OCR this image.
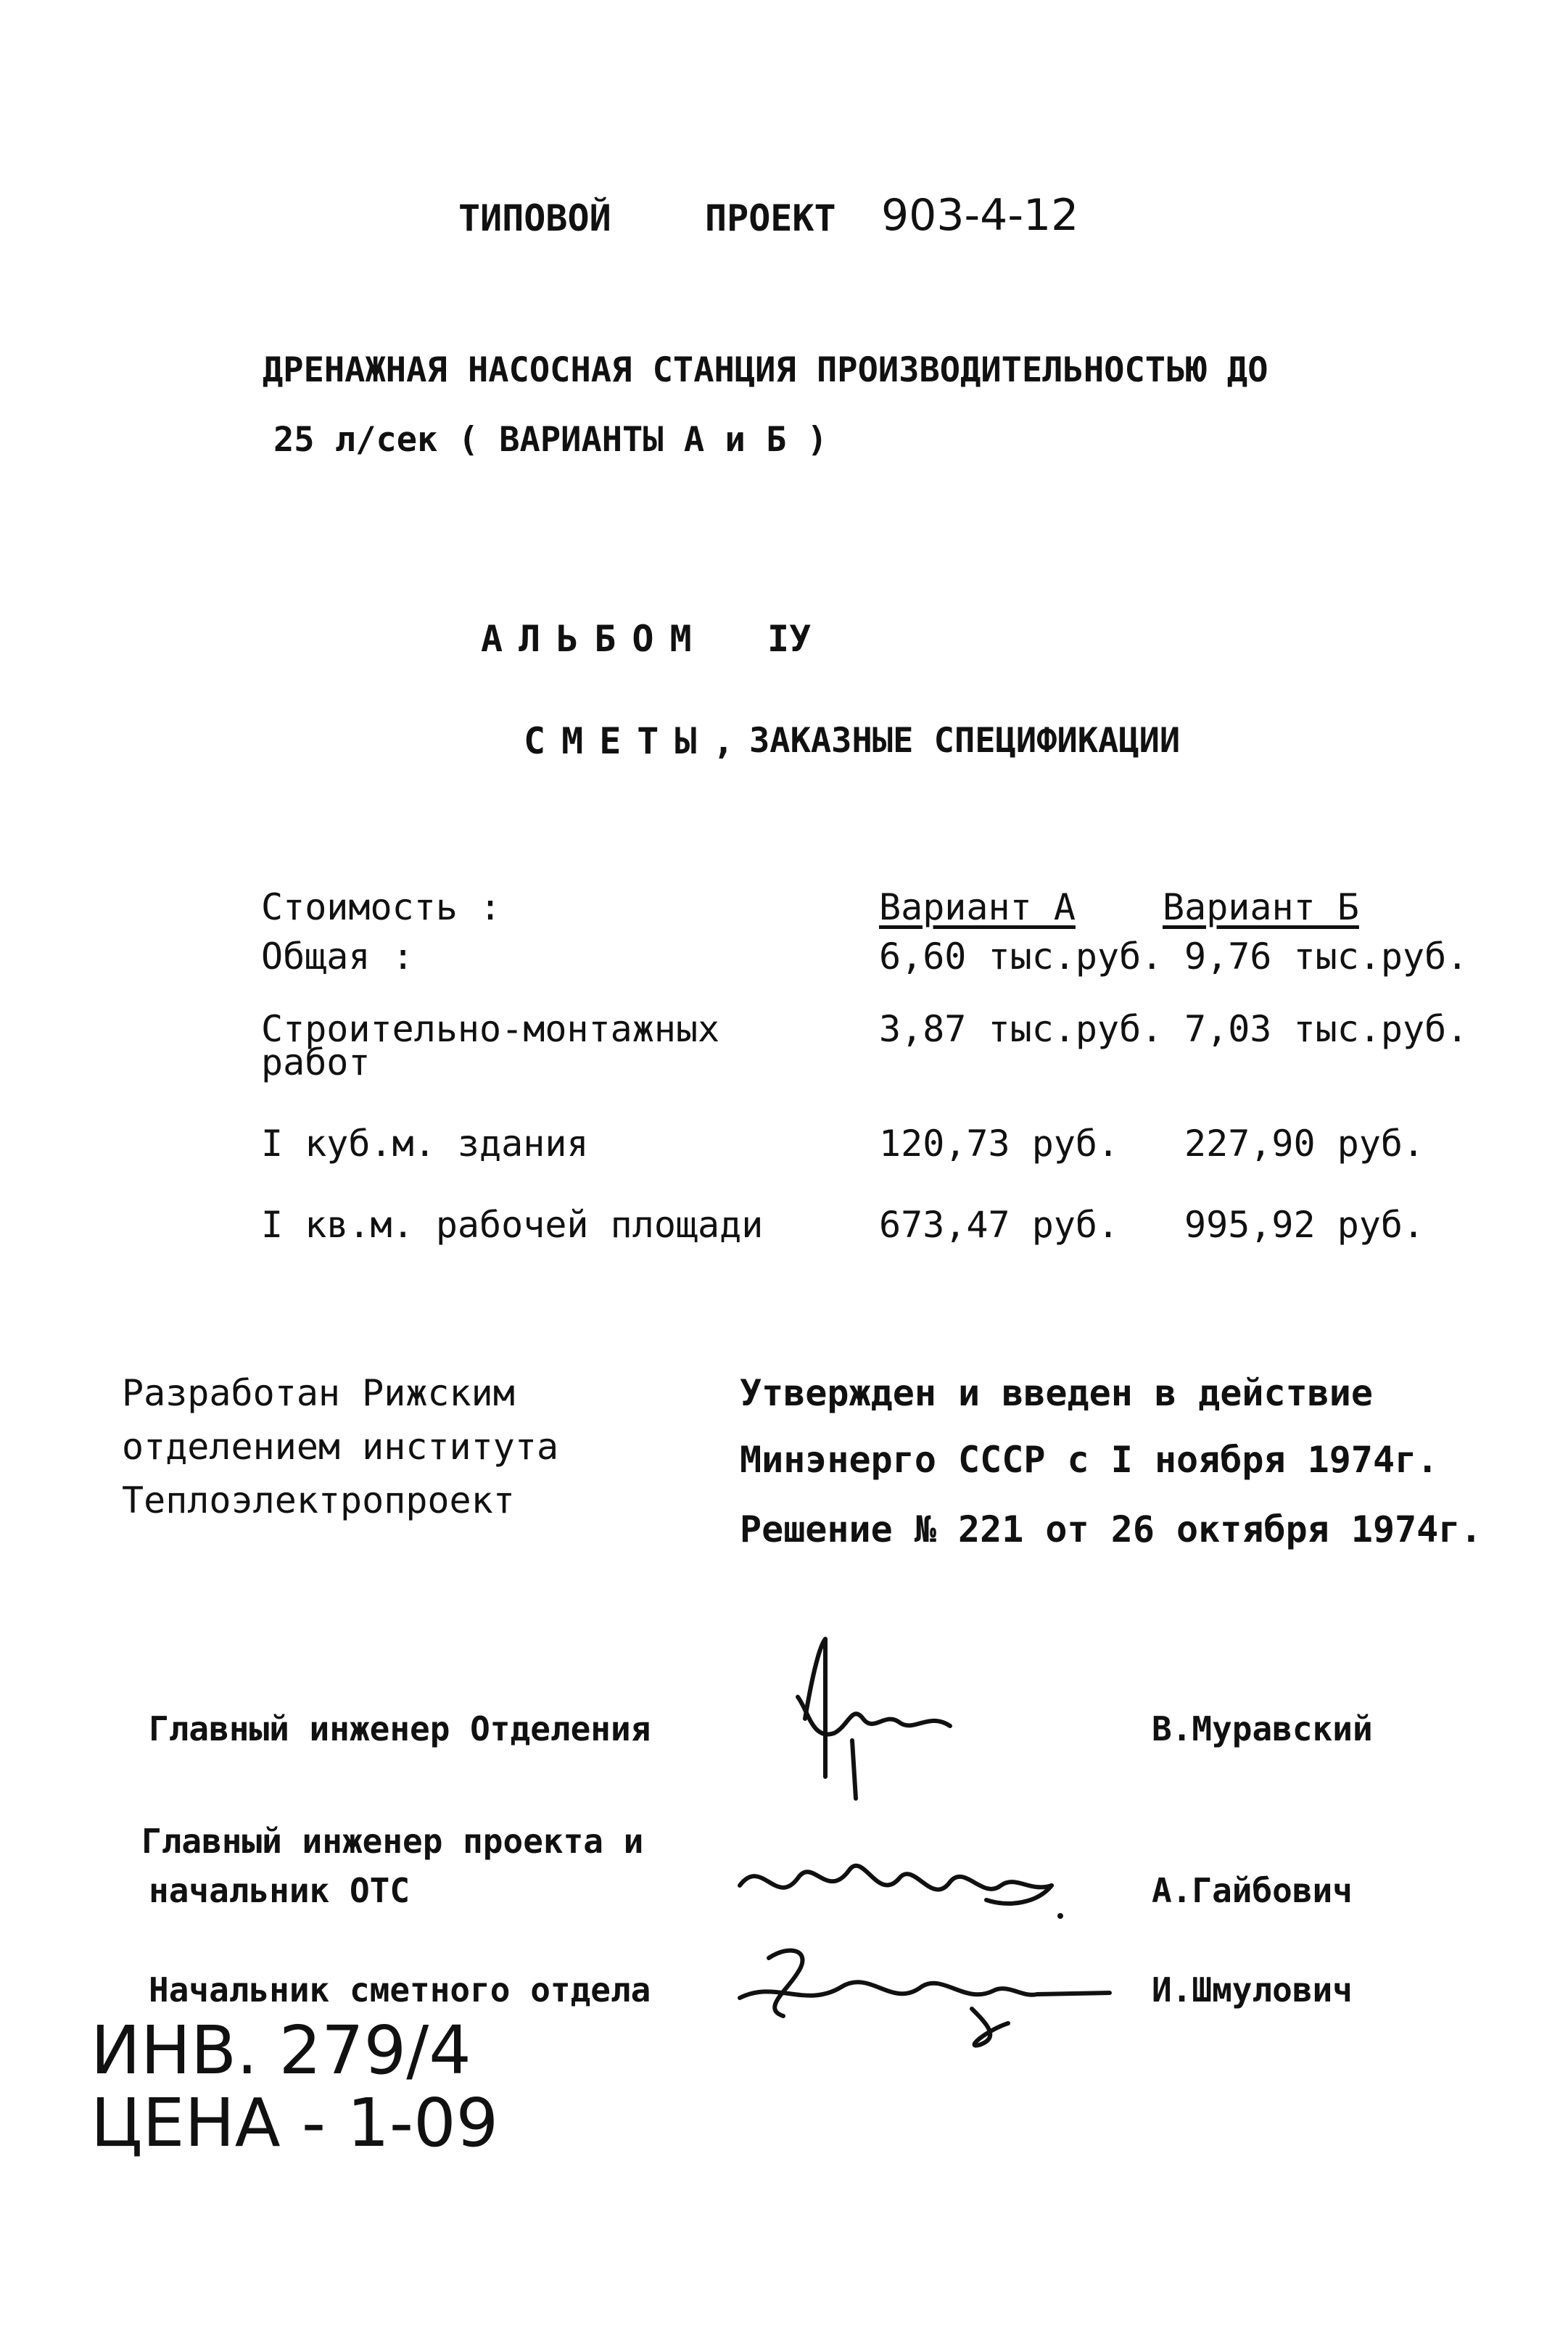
ТИПОВОЙ	ПРОЕКТ 903-4-12
ДРЕНАЖНАЯ НАСОСНАЯ СТАНЦИЯ ПРОИЗВОДИТЕЛЬНОСТЬЮ ДО
25 л/сек ( ВАРИАНТЫ А и Б )
АЛЬБОМ IУ
СМЕТЫ,
ЗАКАЗНЫЕ СПЕЦИФИКАЦИИ
Стоимость :	Вариант А Вариант Б
Общая :	6,60 тыс.руб. 9,76 тыс.руб.
Строительно-монтажных
работ
3,87 тыс.руб. 7,03 тыс.руб.
I куб.м. здания	120,73 руб. 227,90 руб.
I кв.м. рабочей площади	673,47 руб. 995,92 руб.
Разработан Рижским
отделением института
Теплоэлектропроект
Утвержден и введен в действие
Минэнерго СССР с I ноября 1974г.
Решение № 221 от 26 октября 1974г.
Главный инженер Отделения	В.Муравский
Главный инженер проекта и
начальник ОТС	А.Гайбович
Начальник сметного отдела	И.Шмулович
ИНВ. 279/4
ЦЕНА - 1-09
